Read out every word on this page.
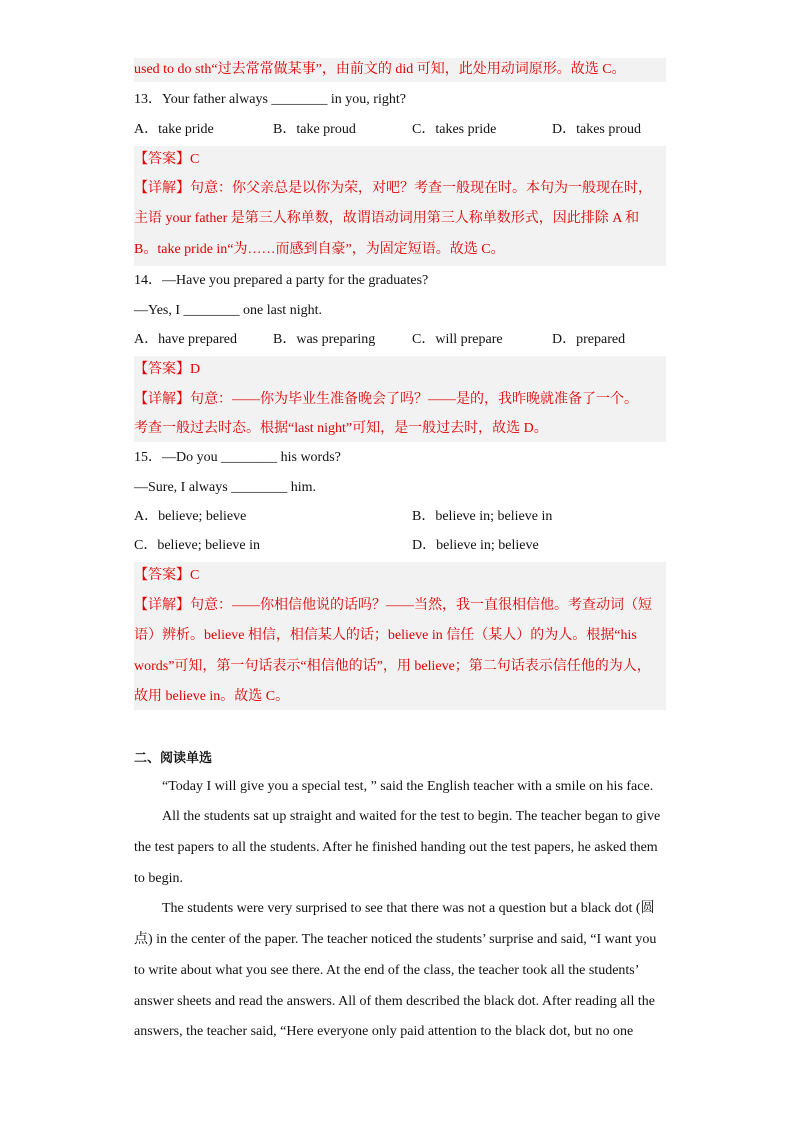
used to do sth“过去常常做某事”，由前文的 did 可知，此处用动词原形。故选 C。
13．Your father always ________ in you, right?
A．take pride	B．take proud	C．takes pride	D．takes proud
【答案】C
【详解】句意：你父亲总是以你为荣，对吧？考查一般现在时。本句为一般现在时，
主语 your father 是第三人称单数，故谓语动词用第三人称单数形式，因此排除 A 和
B。take pride in“为……而感到自豪”，为固定短语。故选 C。
14．—Have you prepared a party for the graduates?
—Yes, I ________ one last night.
A．have prepared	B．was preparing	C．will prepare	D．prepared
【答案】D
【详解】句意：——你为毕业生准备晚会了吗？——是的，我昨晚就准备了一个。
考查一般过去时态。根据“last night”可知，是一般过去时，故选 D。
15．—Do you ________ his words?
—Sure, I always ________ him.
A．believe; believe	B．believe in; believe in
C．believe; believe in	D．believe in; believe
【答案】C
【详解】句意：——你相信他说的话吗？——当然，我一直很相信他。考查动词（短
语）辨析。believe 相信，相信某人的话；believe in 信任（某人）的为人。根据“his
words”可知，第一句话表示“相信他的话”，用 believe；第二句话表示信任他的为人，
故用 believe in。故选 C。
二、阅读单选
“Today I will give you a special test, ” said the English teacher with a smile on his face.
All the students sat up straight and waited for the test to begin. The teacher began to give
the test papers to all the students. After he finished handing out the test papers, he asked them
to begin.
The students were very surprised to see that there was not a question but a black dot (圆
点) in the center of the paper. The teacher noticed the students’ surprise and said, “I want you
to write about what you see there. At the end of the class, the teacher took all the students’
answer sheets and read the answers. All of them described the black dot. After reading all the
answers, the teacher said, “Here everyone only paid attention to the black dot, but no one
